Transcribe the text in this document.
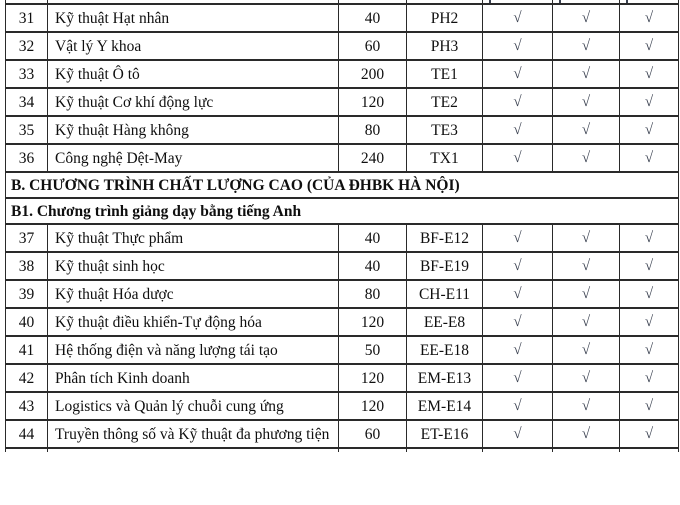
31	Kỹ thuật Hạt nhân	40	PH2	√	√	√
32	Vật lý Y khoa	60	PH3	√	√	√
33	Kỹ thuật Ô tô	200	TE1	√	√	√
34	Kỹ thuật Cơ khí động lực	120	TE2	√	√	√
35	Kỹ thuật Hàng không	80	TE3	√	√	√
36	Công nghệ Dệt-May	240	TX1	√	√	√
B. CHƯƠNG TRÌNH CHẤT LƯỢNG CAO (CỦA ĐHBK HÀ NỘI)						
B1. Chương trình giảng dạy bằng tiếng Anh						
37	Kỹ thuật Thực phẩm	40	BF-E12	√	√	√
38	Kỹ thuật sinh học	40	BF-E19	√	√	√
39	Kỹ thuật Hóa dược	80	CH-E11	√	√	√
40	Kỹ thuật điều khiển-Tự động hóa	120	EE-E8	√	√	√
41	Hệ thống điện và năng lượng tái tạo	50	EE-E18	√	√	√
42	Phân tích Kinh doanh	120	EM-E13	√	√	√
43	Logistics và Quản lý chuỗi cung ứng	120	EM-E14	√	√	√
44	Truyền thông số và Kỹ thuật đa phương tiện	60	ET-E16	√	√	√
